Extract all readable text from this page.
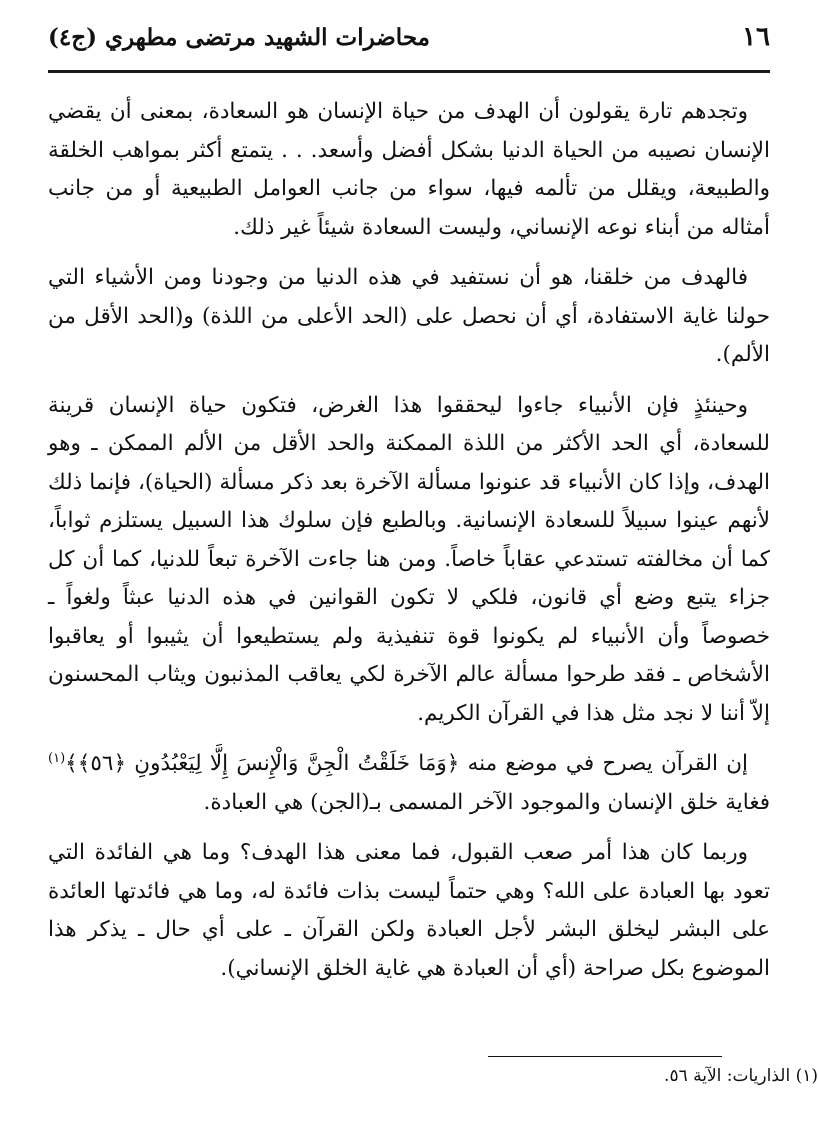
١٦
محاضرات الشهيد مرتضى مطهري (ج٤)

وتجدهم تارة يقولون أن الهدف من حياة الإنسان هو السعادة، بمعنى أن يقضي الإنسان نصيبه من الحياة الدنيا بشكل أفضل وأسعد. . . يتمتع أكثر بمواهب الخلقة والطبيعة، ويقلل من تألمه فيها، سواء من جانب العوامل الطبيعية أو من جانب أمثاله من أبناء نوعه الإنساني، وليست السعادة شيئاً غير ذلك.

فالهدف من خلقنا، هو أن نستفيد في هذه الدنيا من وجودنا ومن الأشياء التي حولنا غاية الاستفادة، أي أن نحصل على (الحد الأعلى من اللذة) و(الحد الأقل من الألم).

وحينئذٍ فإن الأنبياء جاءوا ليحققوا هذا الغرض، فتكون حياة الإنسان قرينة للسعادة، أي الحد الأكثر من اللذة الممكنة والحد الأقل من الألم الممكن ـ وهو الهدف، وإذا كان الأنبياء قد عنونوا مسألة الآخرة بعد ذكر مسألة (الحياة)، فإنما ذلك لأنهم عينوا سبيلاً للسعادة الإنسانية. وبالطبع فإن سلوك هذا السبيل يستلزم ثواباً، كما أن مخالفته تستدعي عقاباً خاصاً. ومن هنا جاءت الآخرة تبعاً للدنيا، كما أن كل جزاء يتبع وضع أي قانون، فلكي لا تكون القوانين في هذه الدنيا عبثاً ولغواً ـ خصوصاً وأن الأنبياء لم يكونوا قوة تنفيذية ولم يستطيعوا أن يثيبوا أو يعاقبوا الأشخاص ـ فقد طرحوا مسألة عالم الآخرة لكي يعاقب المذنبون ويثاب المحسنون إلاّ أننا لا نجد مثل هذا في القرآن الكريم.

إن القرآن يصرح في موضع منه ﴿وَمَا خَلَقْتُ الْجِنَّ وَالْإِنسَ إِلَّا لِيَعْبُدُونِ ﴿٥٦﴾﴾$^{(١)}$ فغاية خلق الإنسان والموجود الآخر المسمى بـ(الجن) هي العبادة.

وربما كان هذا أمر صعب القبول، فما معنى هذا الهدف؟ وما هي الفائدة التي تعود بها العبادة على الله؟ وهي حتماً ليست بذات فائدة له، وما هي فائدتها العائدة على البشر ليخلق البشر لأجل العبادة ولكن القرآن ـ على أي حال ـ يذكر هذا الموضوع بكل صراحة (أي أن العبادة هي غاية الخلق الإنساني).

(١) الذاريات: الآية ٥٦.
